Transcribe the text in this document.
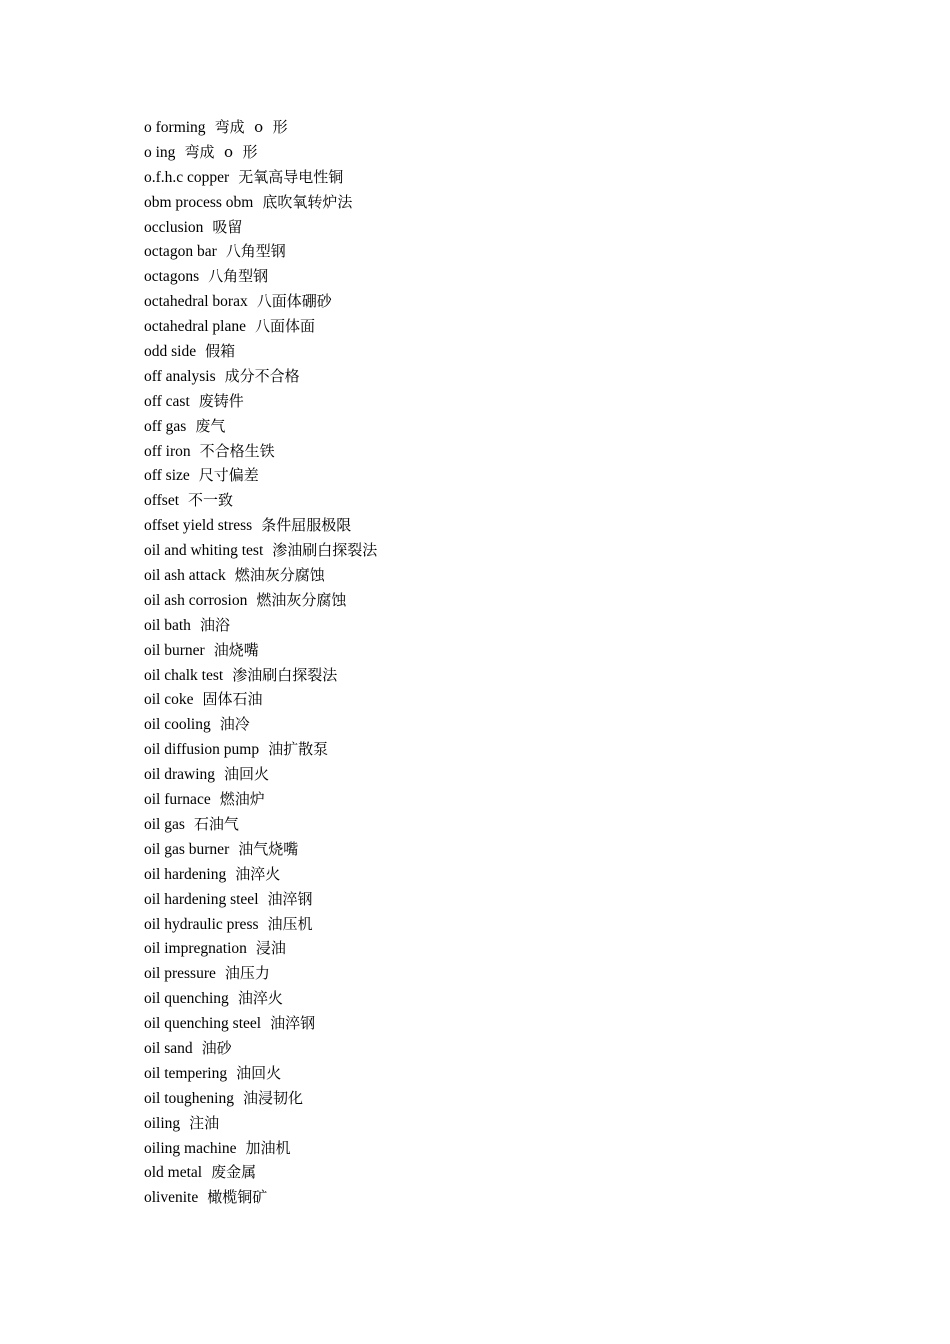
o forming 弯成  o  形
o ing 弯成  o  形
o.f.h.c copper 无氧高导电性铜
obm process obm 底吹氧转炉法
occlusion 吸留
octagon bar 八角型钢
octagons 八角型钢
octahedral borax 八面体硼砂
octahedral plane 八面体面
odd side 假箱
off analysis 成分不合格
off cast 废铸件
off gas 废气
off iron 不合格生铁
off size 尺寸偏差
offset 不一致
offset yield stress 条件屈服极限
oil and whiting test 渗油刷白探裂法
oil ash attack 燃油灰分腐蚀
oil ash corrosion 燃油灰分腐蚀
oil bath 油浴
oil burner 油烧嘴
oil chalk test 渗油刷白探裂法
oil coke 固体石油
oil cooling 油冷
oil diffusion pump 油扩散泵
oil drawing 油回火
oil furnace 燃油炉
oil gas 石油气
oil gas burner 油气烧嘴
oil hardening 油淬火
oil hardening steel 油淬钢
oil hydraulic press 油压机
oil impregnation 浸油
oil pressure 油压力
oil quenching 油淬火
oil quenching steel 油淬钢
oil sand 油砂
oil tempering 油回火
oil toughening 油浸韧化
oiling 注油
oiling machine 加油机
old metal 废金属
olivenite 橄榄铜矿
